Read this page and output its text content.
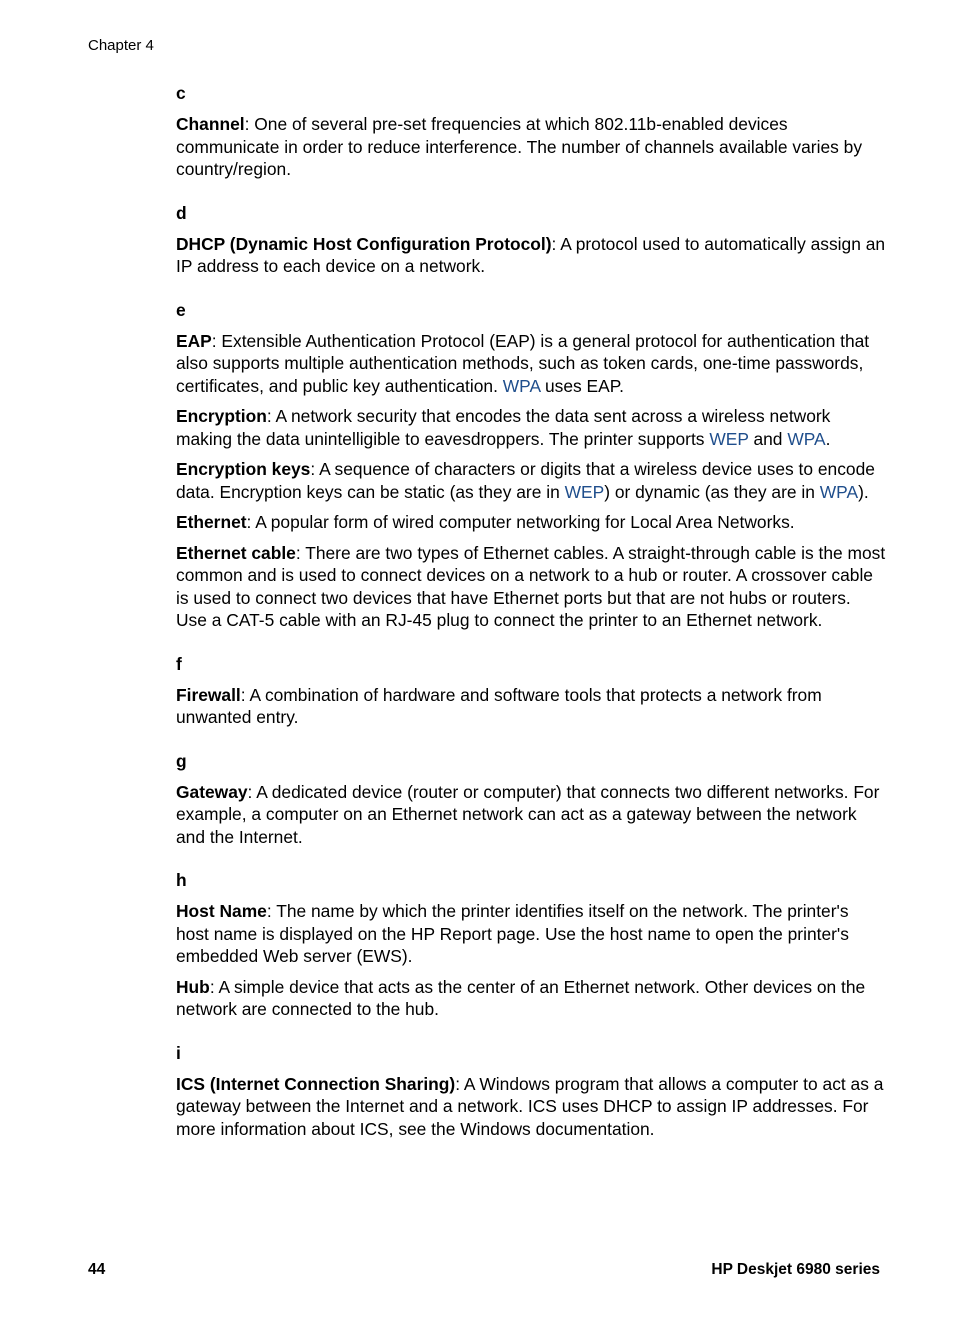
Chapter 4
c

Channel: One of several pre-set frequencies at which 802.11b-enabled devices communicate in order to reduce interference. The number of channels available varies by country/region.

d

DHCP (Dynamic Host Configuration Protocol): A protocol used to automatically assign an IP address to each device on a network.

e

EAP: Extensible Authentication Protocol (EAP) is a general protocol for authentication that also supports multiple authentication methods, such as token cards, one-time passwords, certificates, and public key authentication. WPA uses EAP.

Encryption: A network security that encodes the data sent across a wireless network making the data unintelligible to eavesdroppers. The printer supports WEP and WPA.

Encryption keys: A sequence of characters or digits that a wireless device uses to encode data. Encryption keys can be static (as they are in WEP) or dynamic (as they are in WPA).

Ethernet: A popular form of wired computer networking for Local Area Networks.

Ethernet cable: There are two types of Ethernet cables. A straight-through cable is the most common and is used to connect devices on a network to a hub or router. A crossover cable is used to connect two devices that have Ethernet ports but that are not hubs or routers. Use a CAT-5 cable with an RJ-45 plug to connect the printer to an Ethernet network.

f

Firewall: A combination of hardware and software tools that protects a network from unwanted entry.

g

Gateway: A dedicated device (router or computer) that connects two different networks. For example, a computer on an Ethernet network can act as a gateway between the network and the Internet.

h

Host Name: The name by which the printer identifies itself on the network. The printer's host name is displayed on the HP Report page. Use the host name to open the printer's embedded Web server (EWS).

Hub: A simple device that acts as the center of an Ethernet network. Other devices on the network are connected to the hub.

i

ICS (Internet Connection Sharing): A Windows program that allows a computer to act as a gateway between the Internet and a network. ICS uses DHCP to assign IP addresses. For more information about ICS, see the Windows documentation.

44	HP Deskjet 6980 series
